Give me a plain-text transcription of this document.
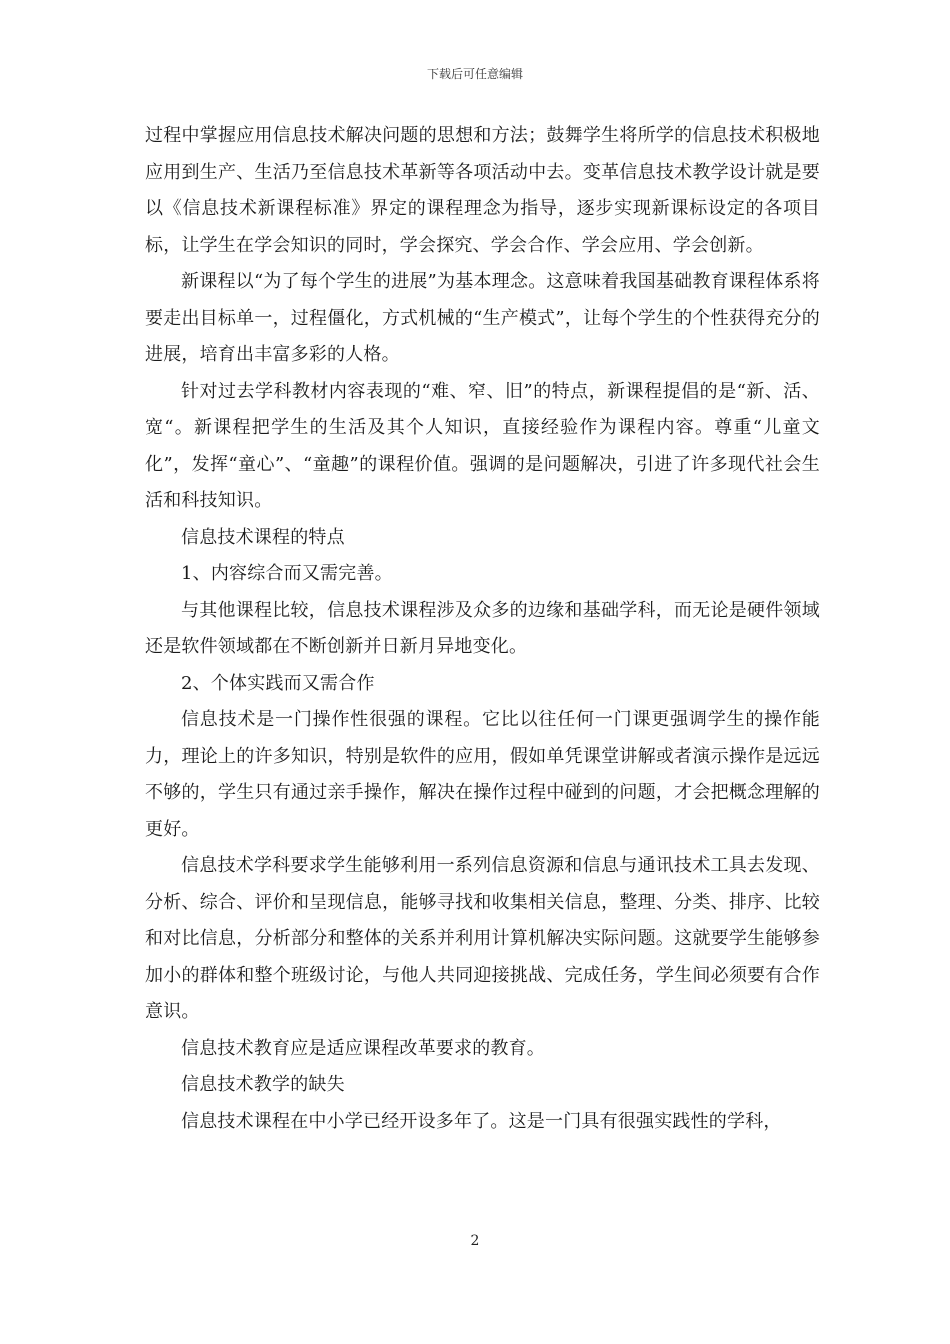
下载后可任意编辑

过程中掌握应用信息技术解决问题的思想和方法；鼓舞学生将所学的信息技术积极地应用到生产、生活乃至信息技术革新等各项活动中去。变革信息技术教学设计就是要以《信息技术新课程标准》界定的课程理念为指导，逐步实现新课标设定的各项目标，让学生在学会知识的同时，学会探究、学会合作、学会应用、学会创新。

新课程以“为了每个学生的进展”为基本理念。这意味着我国基础教育课程体系将要走出目标单一，过程僵化，方式机械的“生产模式”，让每个学生的个性获得充分的进展，培育出丰富多彩的人格。

针对过去学科教材内容表现的“难、窄、旧”的特点，新课程提倡的是“新、活、宽“。新课程把学生的生活及其个人知识，直接经验作为课程内容。尊重“儿童文化”，发挥“童心”、“童趣”的课程价值。强调的是问题解决，引进了许多现代社会生活和科技知识。

信息技术课程的特点

1、内容综合而又需完善。

与其他课程比较，信息技术课程涉及众多的边缘和基础学科，而无论是硬件领域还是软件领域都在不断创新并日新月异地变化。

2、个体实践而又需合作

信息技术是一门操作性很强的课程。它比以往任何一门课更强调学生的操作能力，理论上的许多知识，特别是软件的应用，假如单凭课堂讲解或者演示操作是远远不够的，学生只有通过亲手操作，解决在操作过程中碰到的问题，才会把概念理解的更好。

信息技术学科要求学生能够利用一系列信息资源和信息与通讯技术工具去发现、分析、综合、评价和呈现信息，能够寻找和收集相关信息，整理、分类、排序、比较和对比信息，分析部分和整体的关系并利用计算机解决实际问题。这就要学生能够参加小的群体和整个班级讨论，与他人共同迎接挑战、完成任务，学生间必须要有合作意识。

信息技术教育应是适应课程改革要求的教育。

信息技术教学的缺失

信息技术课程在中小学已经开设多年了。这是一门具有很强实践性的学科，

2
